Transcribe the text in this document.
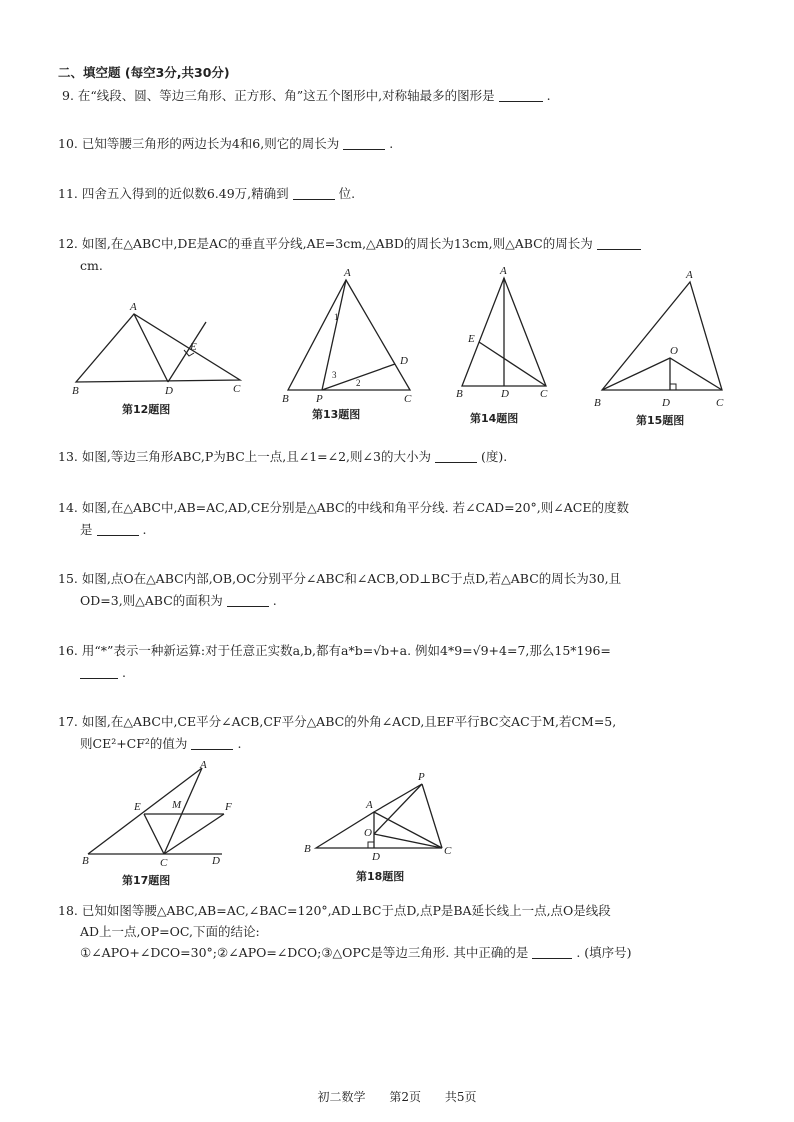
二、填空题 (每空3分,共30分)
9. 在“线段、圆、等边三角形、正方形、角”这五个图形中,对称轴最多的图形是	.
10. 已知等腰三角形的两边长为4和6,则它的周长为	.
11. 四舍五入得到的近似数6.49万,精确到	位.
12. 如图,在△ABC中,DE是AC的垂直平分线,AE=3cm,△ABD的周长为13cm,则△ABC的周长为
cm.
A
B	D	C
E
第12题图
A
B P	C
D
1
2
3
第13题图
A
E
B	D	C
第14题图
A
O
B	D	C
第15题图
13. 如图,等边三角形ABC,P为BC上一点,且∠1=∠2,则∠3的大小为	(度).
14. 如图,在△ABC中,AB=AC,AD,CE分别是△ABC的中线和角平分线. 若∠CAD=20°,则∠ACE的度数
是	.
15. 如图,点O在△ABC内部,OB,OC分别平分∠ABC和∠ACB,OD⊥BC于点D,若△ABC的周长为30,且
OD=3,则△ABC的面积为	.
16. 用“*”表示一种新运算:对于任意正实数a,b,都有a*b=√b+a. 例如4*9=√9+4=7,那么15*196=
.
17. 如图,在△ABC中,CE平分∠ACB,CF平分△ABC的外角∠ACD,且EF平行BC交AC于M,若CM=5,
则CE²+CF²的值为	.
A
E	M	F
B	C	D
第17题图
A
P
O
B
D	C
第18题图
18. 已知如图等腰△ABC,AB=AC,∠BAC=120°,AD⊥BC于点D,点P是BA延长线上一点,点O是线段
AD上一点,OP=OC,下面的结论:
①∠APO+∠DCO=30°;②∠APO=∠DCO;③△OPC是等边三角形. 其中正确的是	. (填序号)
初二数学 第2页 共5页
